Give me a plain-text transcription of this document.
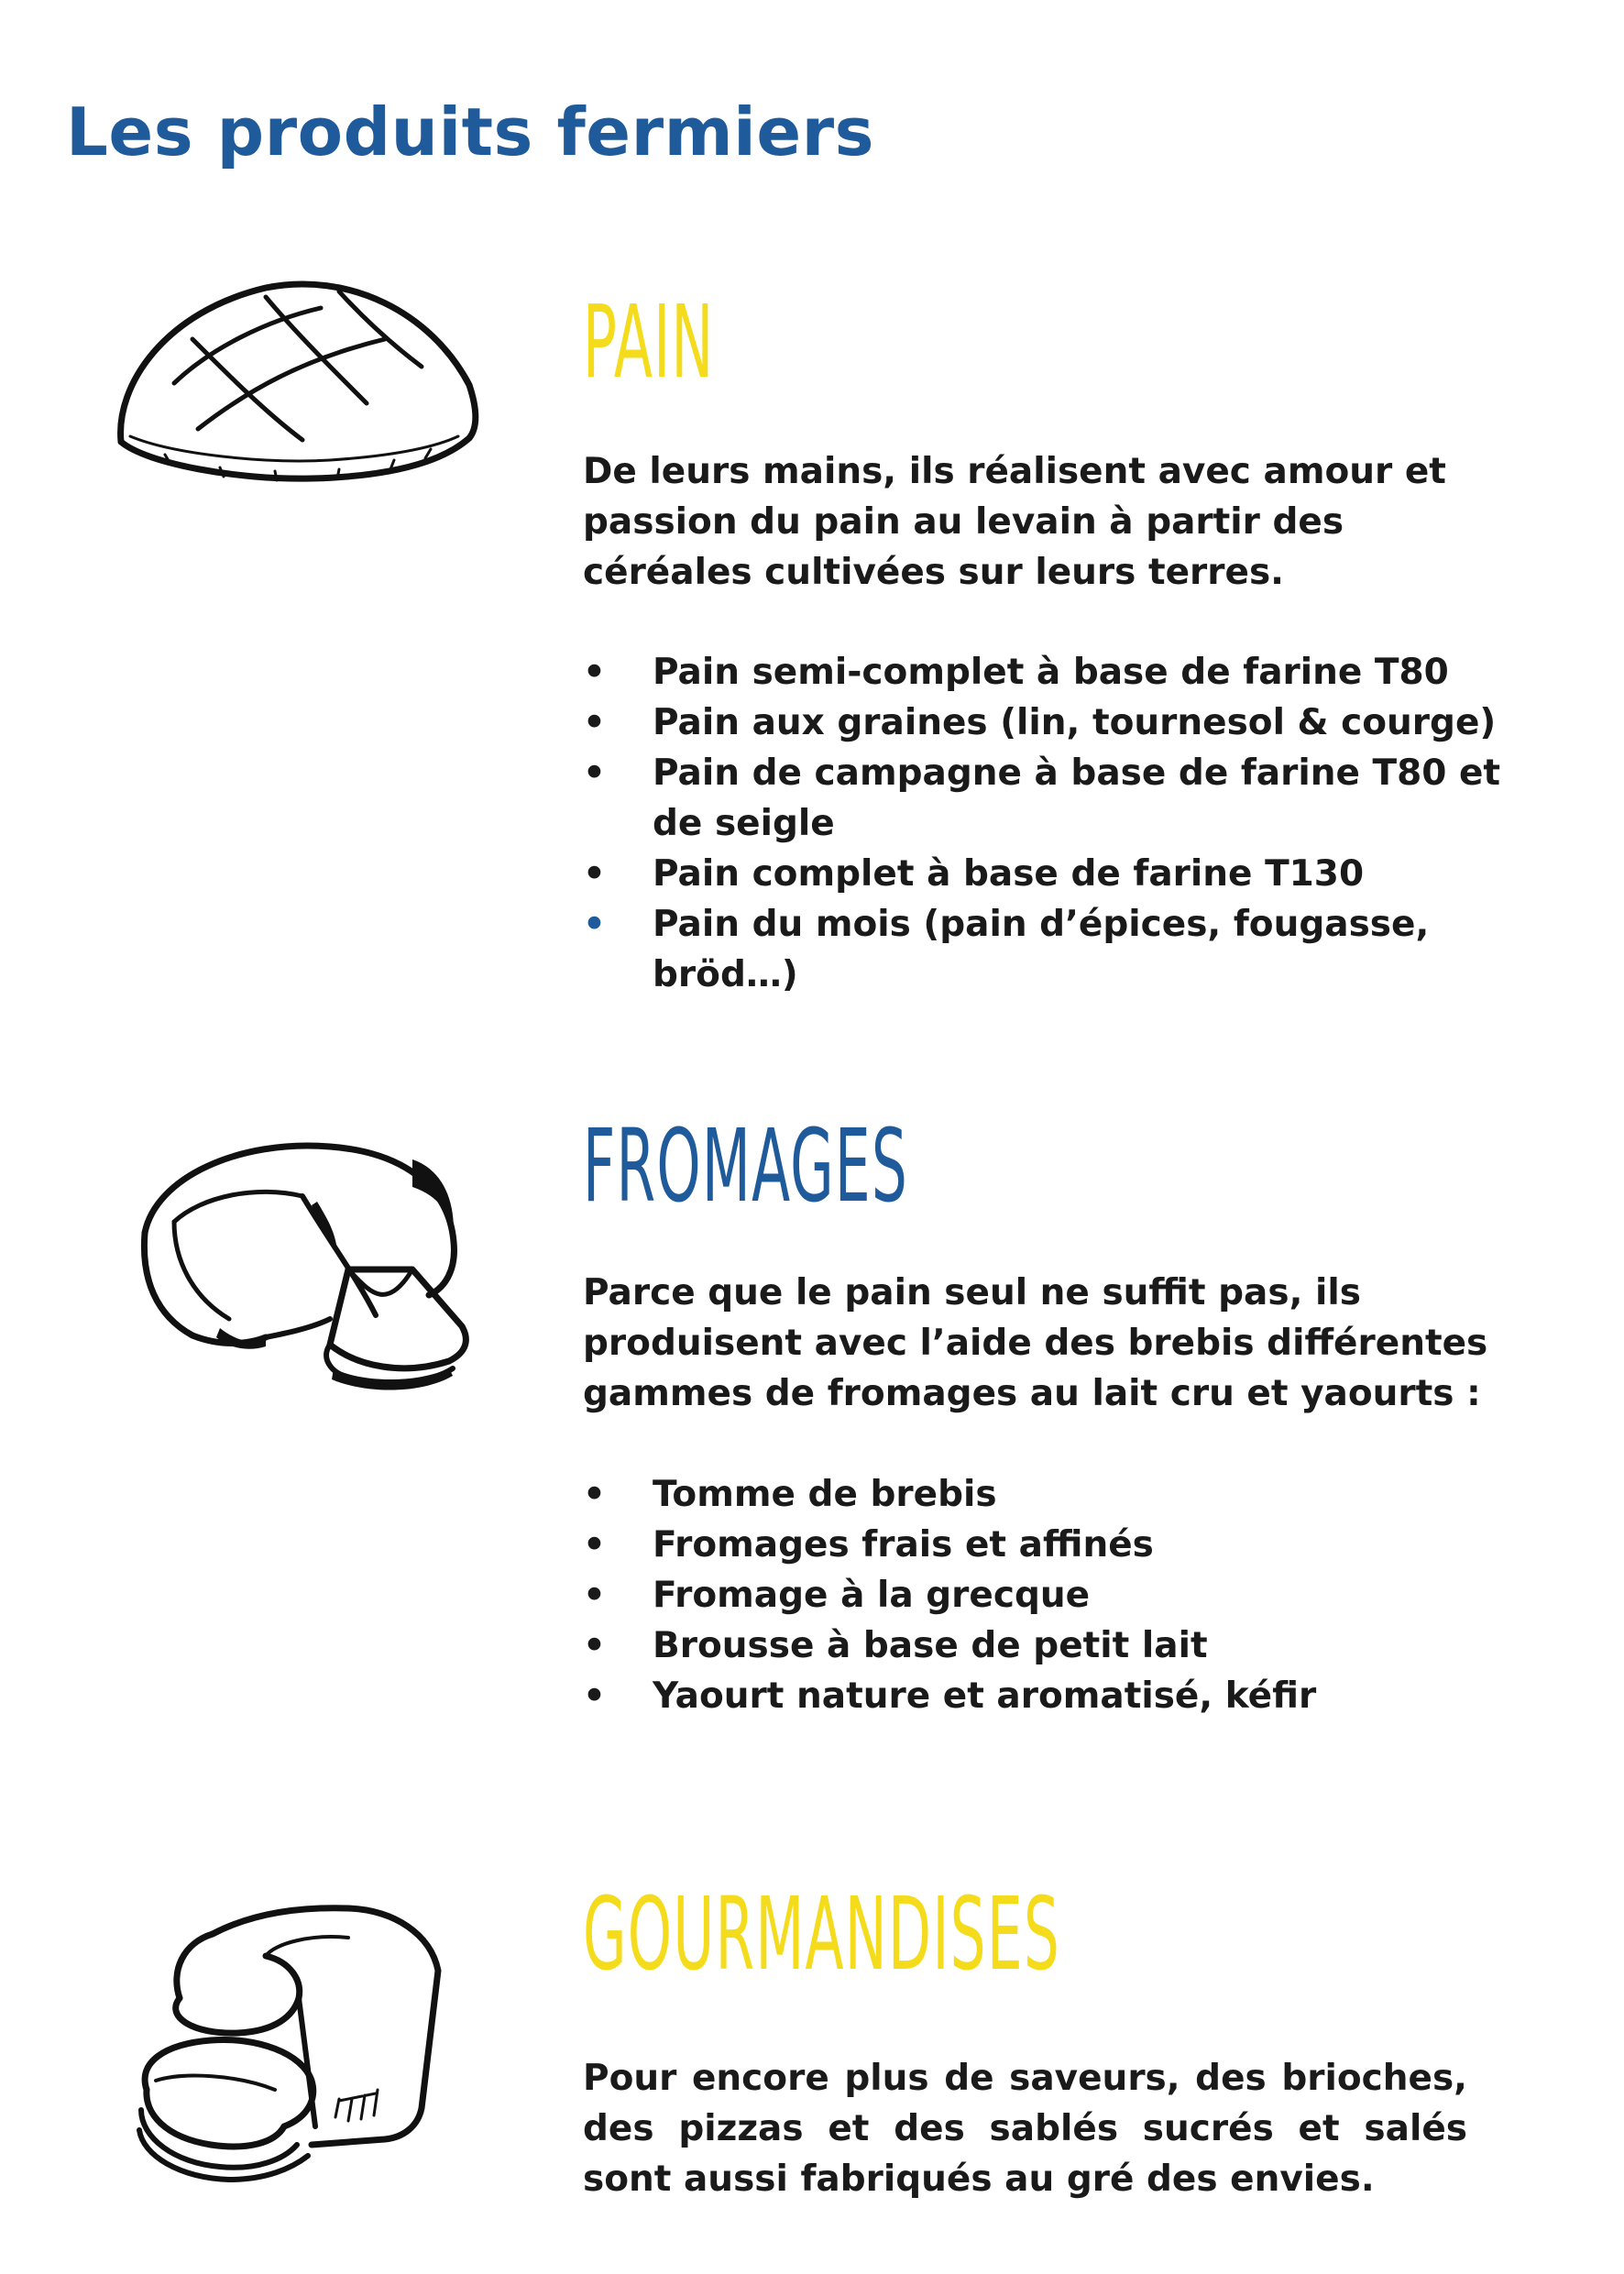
Les produits fermiers
PAIN
De leurs mains, ils réalisent avec amour et passion du pain au levain à partir des céréales cultivées sur leurs terres.
• Pain semi-complet à base de farine T80
• Pain aux graines (lin, tournesol & courge)
• Pain de campagne à base de farine T80 et de seigle
• Pain complet à base de farine T130
• Pain du mois (pain d’épices, fougasse, bröd…)
FROMAGES
Parce que le pain seul ne suffit pas, ils produisent avec l’aide des brebis différentes gammes de fromages au lait cru et yaourts :
• Tomme de brebis
• Fromages frais et affinés
• Fromage à la grecque
• Brousse à base de petit lait
• Yaourt nature et aromatisé, kéfir
GOURMANDISES
Pour encore plus de saveurs, des brioches, des pizzas et des sablés sucrés et salés sont aussi fabriqués au gré des envies.
